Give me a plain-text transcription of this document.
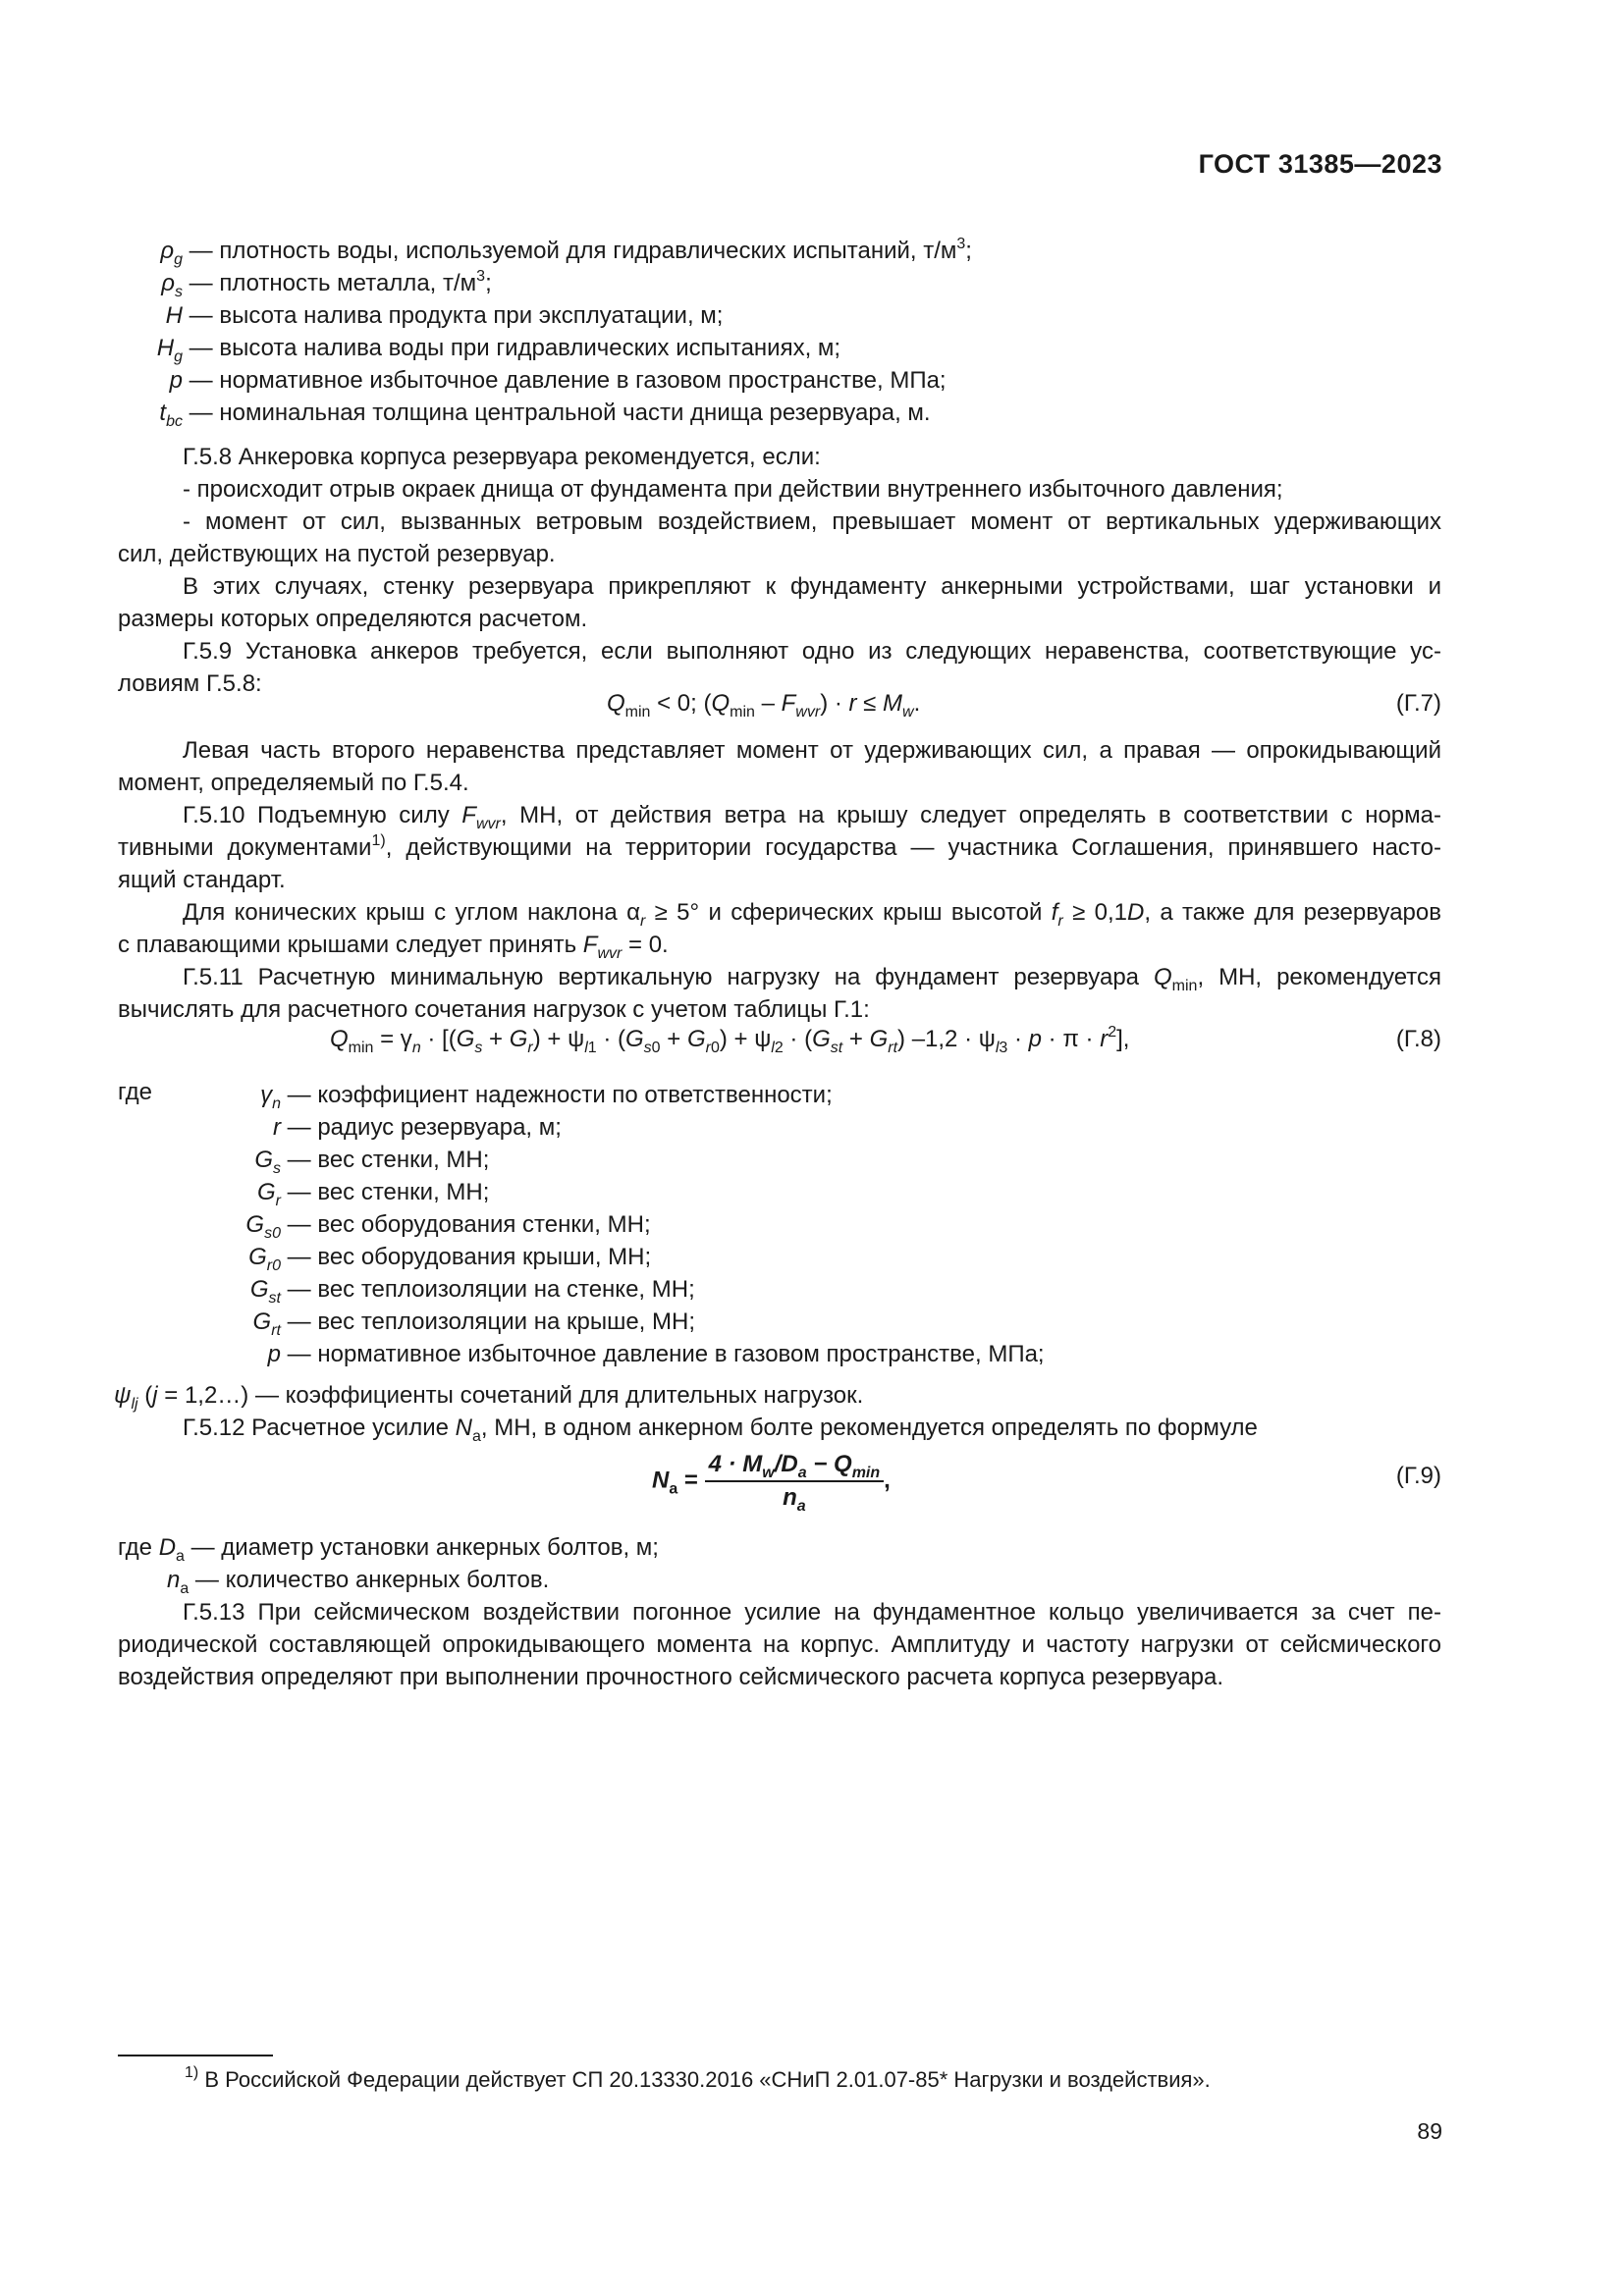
ГОСТ 31385—2023
$\rho_g$ — плотность воды, используемой для гидравлических испытаний, $т/м^3$;
$\rho_s$ — плотность металла, $т/м^3$;
H — высота налива продукта при эксплуатации, м;
$H_g$ — высота налива воды при гидравлических испытаниях, м;
p — нормативное избыточное давление в газовом пространстве, МПа;
$t_{bc}$ — номинальная толщина центральной части днища резервуара, м.
Г.5.8 Анкеровка корпуса резервуара рекомендуется, если:
- происходит отрыв окраек днища от фундамента при действии внутреннего избыточного давления;
- момент от сил, вызванных ветровым воздействием, превышает момент от вертикальных удерживающих
сил, действующих на пустой резервуар.
В этих случаях, стенку резервуара прикрепляют к фундаменту анкерными устройствами, шаг установки и
размеры которых определяются расчетом.
Г.5.9 Установка анкеров требуется, если выполняют одно из следующих неравенства, соответствующие ус-
ловиям Г.5.8:
$Q_{min} < 0$; $(Q_{min} - F_{wvr}) \cdot r \le M_w$.	(Г.7)
Левая часть второго неравенства представляет момент от удерживающих сил, а правая — опрокидывающий
момент, определяемый по Г.5.4.
Г.5.10 Подъемную силу $F_{wvr}$, МН, от действия ветра на крышу следует определять в соответствии с норма-
тивными документами$^{1)}$, действующими на территории государства — участника Соглашения, принявшего насто-
ящий стандарт.
Для конических крыш с углом наклона $\alpha_r \ge 5^\circ$ и сферических крыш высотой $f_r \ge 0,1D$, а также для резервуаров
с плавающими крышами следует принять $F_{wvr} = 0$.
Г.5.11 Расчетную минимальную вертикальную нагрузку на фундамент резервуара $Q_{min}$, МН, рекомендуется
вычислять для расчетного сочетания нагрузок с учетом таблицы Г.1:
$Q_{min} = \gamma_n \cdot [(G_s + G_r) + \psi_{l1} \cdot (G_{s0} + G_{r0}) + \psi_{l2} \cdot (G_{st} + G_{rt}) -1,2 \cdot \psi_{l3} \cdot p \cdot \pi \cdot r^2]$,	(Г.8)
где	$\gamma_n$ — коэффициент надежности по ответственности;
r — радиус резервуара, м;
$G_s$ — вес стенки, МН;
$G_r$ — вес стенки, МН;
$G_{s0}$ — вес оборудования стенки, МН;
$G_{r0}$ — вес оборудования крыши, МН;
$G_{st}$ — вес теплоизоляции на стенке, МН;
$G_{rt}$ — вес теплоизоляции на крыше, МН;
p — нормативное избыточное давление в газовом пространстве, МПа;
$\psi_{lj}$ (j = 1,2…) — коэффициенты сочетаний для длительных нагрузок.
Г.5.12 Расчетное усилие $N_a$, МН, в одном анкерном болте рекомендуется определять по формуле
$N_a = \frac{4 \cdot M_w/D_a - Q_{min}}{n_a}$ ,	(Г.9)
где $D_a$ — диаметр установки анкерных болтов, м;
$n_a$ — количество анкерных болтов.
Г.5.13 При сейсмическом воздействии погонное усилие на фундаментное кольцо увеличивается за счет пе-
риодической составляющей опрокидывающего момента на корпус. Амплитуду и частоту нагрузки от сейсмического
воздействия определяют при выполнении прочностного сейсмического расчета корпуса резервуара.
$^{1)}$ В Российской Федерации действует СП 20.13330.2016 «СНиП 2.01.07-85* Нагрузки и воздействия».
89
